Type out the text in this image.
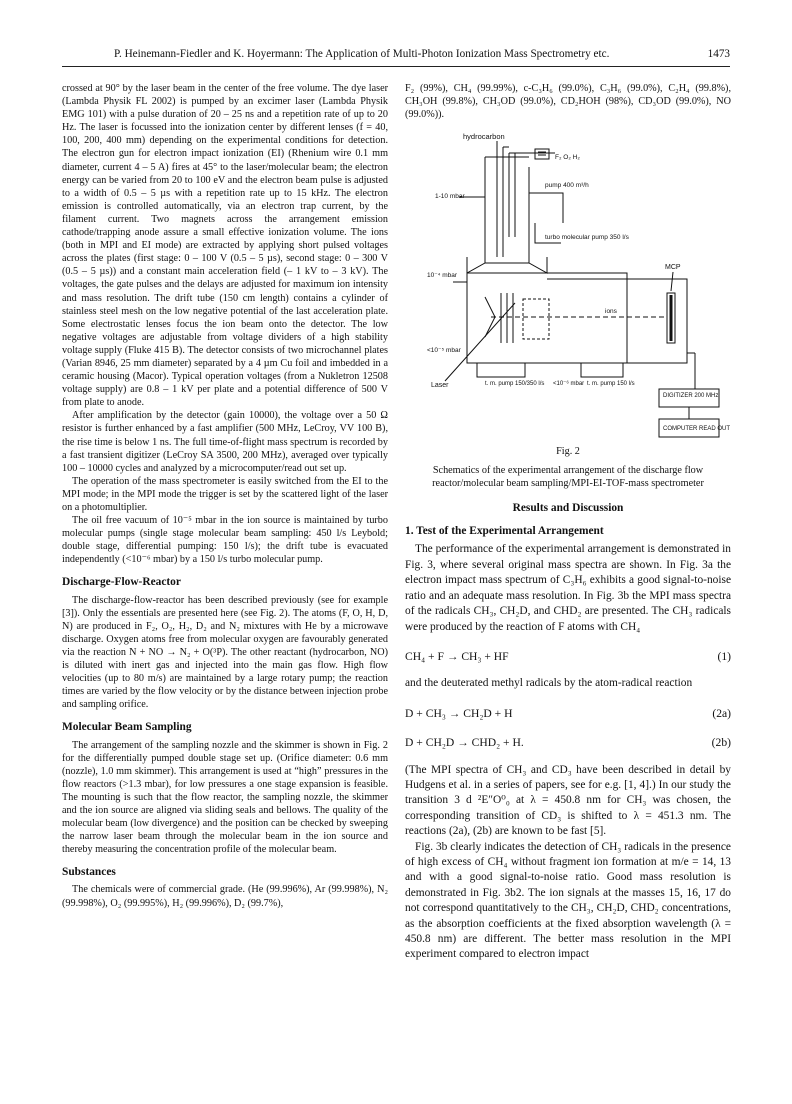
P. Heinemann-Fiedler and K. Hoyermann: The Application of Multi-Photon Ionization Mass Spectrometry etc.	1473

crossed at 90° by the laser beam in the center of the free volume. The dye laser (Lambda Physik FL 2002) is pumped by an excimer laser (Lambda Physik EMG 101) with a pulse duration of 20 – 25 ns and a repetition rate of up to 20 Hz. The laser is focussed into the ionization center by different lenses (f = 40, 100, 200, 400 mm) depending on the experimental conditions for detection. The electron gun for electron impact ionization (EI) (Rhenium wire 0.1 mm diameter, current 4 – 5 A) fires at 45° to the laser/molecular beam; the electron energy can be varied from 20 to 100 eV and the electron beam pulse is adjusted to a width of 0.5 – 5 µs with a repetition rate up to 15 kHz. The electron emission is controlled automatically, via an electron trap current, by the filament current. Two magnets across the arrangement emission cathode/trapping anode assure a small effective ionization volume. The ions (both in MPI and EI mode) are extracted by applying short pulsed voltages across the plates (first stage: 0 – 100 V (0.5 – 5 µs), second stage: 0 – 300 V (0.5 – 5 µs)) and a constant main acceleration field (– 1 kV to – 3 kV). The voltages, the gate pulses and the delays are adjusted for maximum ion intensity and mass resolution. The drift tube (150 cm length) contains a cylinder of stainless steel mesh on the low negative potential of the last acceleration plate. Some electrostatic lenses focus the ion beam onto the detector. The low negative voltages are adjustable from voltage dividers of a high stability voltage supply (Fluke 415 B). The detector consists of two microchannel plates (Varian 8946, 25 mm diameter) separated by a 4 µm Cu foil and imbedded in a ceramic housing (Macor). Typical operation voltages (from a Nukletron 12508 voltage supply) are 0.8 – 1 kV per plate and a potential difference of 500 V from plate to anode.

After amplification by the detector (gain 10000), the voltage over a 50 Ω resistor is further enhanced by a fast amplifier (500 MHz, LeCroy, VV 100 B), the rise time is below 1 ns. The full time-of-flight mass spectrum is recorded by a fast transient digitizer (LeCroy SA 3500, 200 MHz), averaged over typically 100 – 10000 cycles and analyzed by a microcomputer/read out set up.

The operation of the mass spectrometer is easily switched from the EI to the MPI mode; in the MPI mode the trigger is set by the scattered light of the laser on a photomultiplier.

The oil free vacuum of 10⁻⁵ mbar in the ion source is maintained by turbo molecular pumps (single stage molecular beam sampling: 450 l/s Leybold; double stage, differential pumping: 150 l/s); the drift tube is evacuated independently (<10⁻⁶ mbar) by a 150 l/s turbo molecular pump.

Discharge-Flow-Reactor

The discharge-flow-reactor has been described previously (see for example [3]). Only the essentials are presented here (see Fig. 2). The atoms (F, O, H, D, N) are produced in F₂, O₂, H₂, D₂ and N₂ mixtures with He by a microwave discharge. Oxygen atoms free from molecular oxygen are favourably generated via the reaction N + NO → N₂ + O(³P). The other reactant (hydrocarbon, NO) is diluted with inert gas and injected into the main gas flow. High flow velocities (up to 80 m/s) are maintained by a large rotary pump; the reaction times are varied by the flow velocity or by the distance between injection probe and sampling orifice.

Molecular Beam Sampling

The arrangement of the sampling nozzle and the skimmer is shown in Fig. 2 for the differentially pumped double stage set up. (Orifice diameter: 0.6 mm (nozzle), 1.0 mm skimmer). This arrangement is used at “high” pressures in the flow reactors (>1.3 mbar), for low pressures a one stage expansion is feasible. The mounting is such that the flow reactor, the sampling nozzle, the skimmer and the ion source are aligned via sliding seals and bellows. The quality of the molecular beam (low divergence) and the position can be checked by sweeping the narrow laser beam through the molecular beam in the ion source and thereby measuring the concentration profile of the molecular beam.

Substances

The chemicals were of commercial grade. (He (99.996%), Ar (99.998%), N₂ (99.998%), O₂ (99.995%), H₂ (99.996%), D₂ (99.7%),

F₂ (99%), CH₄ (99.99%), c-C₃H₆ (99.0%), C₃H₆ (99.0%), C₂H₄ (99.8%), CH₃OH (99.8%), CH₃OD (99.0%), CD₂HOH (98%), CD₃OD (99.0%), NO (99.0%)).

hydrocarbon
F₂ O₂ H₂
1-10 mbar
pump 400 m³/h
turbo molecular pump 350 l/s
10⁻⁴ mbar
ions
MCP
<10⁻⁵ mbar
Laser	t. m. pump 150/350 l/s <10⁻⁶ mbar t. m. pump 150 l/s
DIGITIZER 200 MHz
COMPUTER READ OUT
Fig. 2
Schematics of the experimental arrangement of the discharge flow reactor/molecular beam sampling/MPI-EI-TOF-mass spectrometer
Results and Discussion
1. Test of the Experimental Arrangement

The performance of the experimental arrangement is demonstrated in Fig. 3, where several original mass spectra are shown. In Fig. 3a the electron impact mass spectrum of C₃H₆ exhibits a good signal-to-noise ratio and an adequate mass resolution. In Fig. 3b the MPI mass spectra of the radicals CH₃, CH₂D, and CHD₂ are presented. The CH₃ radicals were produced by the reaction of F atoms with CH₄

CH₄ + F → CH₃ + HF	(1)

and the deuterated methyl radicals by the atom-radical reaction

D + CH₃ → CH₂D + H	(2a)
D + CH₂D → CHD₂ + H.	(2b)

(The MPI spectra of CH₃ and CD₃ have been described in detail by Hudgens et al. in a series of papers, see for e.g. [1, 4].) In our study the transition 3 d ²E″O⁰₀ at λ = 450.8 nm for CH₃ was chosen, the corresponding transition of CD₃ is shifted to λ = 451.3 nm. The reactions (2a), (2b) are known to be fast [5].

Fig. 3b clearly indicates the detection of CH₃ radicals in the presence of high excess of CH₄ without fragment ion formation at m/e = 14, 13 and with a good signal-to-noise ratio. Good mass resolution is demonstrated in Fig. 3b2. The ion signals at the masses 15, 16, 17 do not correspond quantitatively to the CH₃, CH₂D, CHD₂ concentrations, as the absorption coefficients at the fixed absorption wavelength (λ = 450.8 nm) are different. The better mass resolution in the MPI experiment compared to electron impact
